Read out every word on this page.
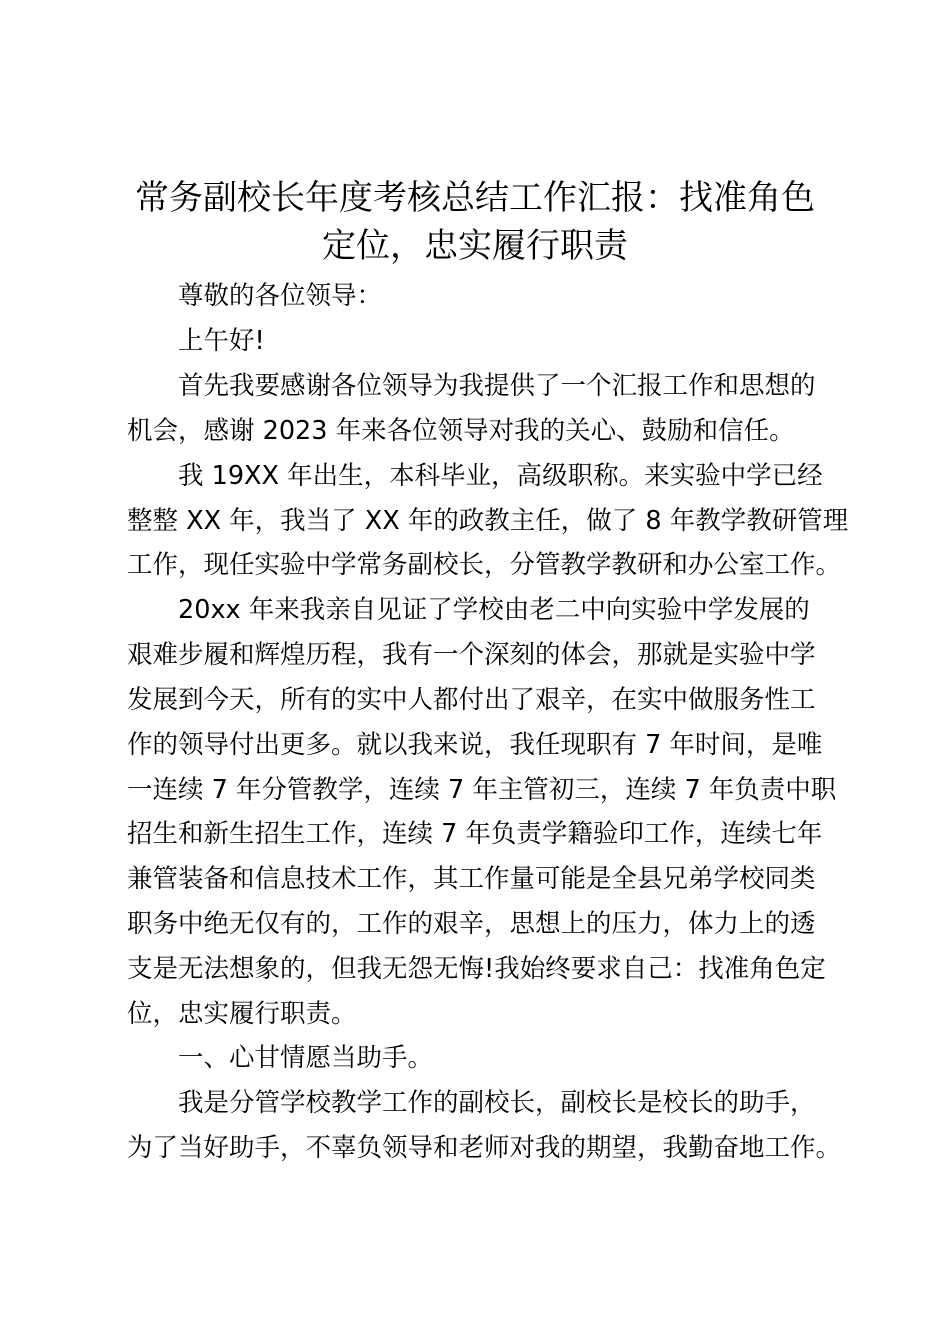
常务副校长年度考核总结工作汇报：找准角色
定位，忠实履行职责

尊敬的各位领导：

上午好!

首先我要感谢各位领导为我提供了一个汇报工作和思想的

机会，感谢 2023 年来各位领导对我的关心、鼓励和信任。

我 19XX 年出生，本科毕业，高级职称。来实验中学已经

整整 XX 年，我当了 XX 年的政教主任，做了 8 年教学教研管理

工作，现任实验中学常务副校长，分管教学教研和办公室工作。

20xx 年来我亲自见证了学校由老二中向实验中学发展的

艰难步履和辉煌历程，我有一个深刻的体会，那就是实验中学

发展到今天，所有的实中人都付出了艰辛，在实中做服务性工

作的领导付出更多。就以我来说，我任现职有 7 年时间，是唯

一连续 7 年分管教学，连续 7 年主管初三，连续 7 年负责中职

招生和新生招生工作，连续 7 年负责学籍验印工作，连续七年

兼管装备和信息技术工作，其工作量可能是全县兄弟学校同类

职务中绝无仅有的，工作的艰辛，思想上的压力，体力上的透

支是无法想象的，但我无怨无悔!我始终要求自己：找准角色定

位，忠实履行职责。

一、心甘情愿当助手。

我是分管学校教学工作的副校长，副校长是校长的助手，

为了当好助手，不辜负领导和老师对我的期望，我勤奋地工作。
